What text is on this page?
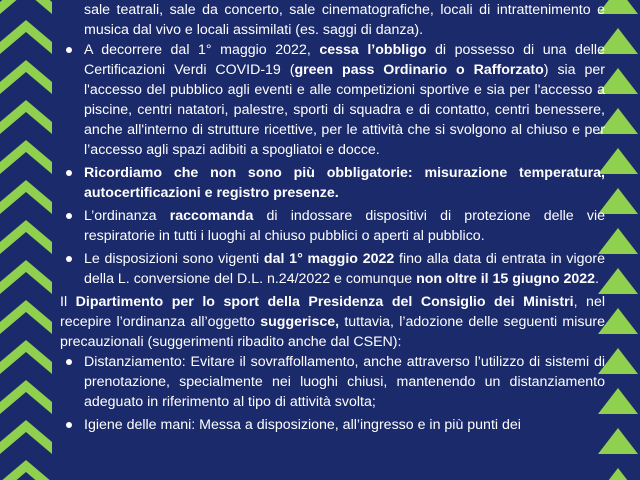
sale teatrali, sale da concerto, sale cinematografiche, locali di intrattenimento e musica dal vivo e locali assimilati (es. saggi di danza).

A decorrere dal 1° maggio 2022, cessa l’obbligo di possesso di una delle Certificazioni Verdi COVID-19 (green pass Ordinario o Rafforzato) sia per l'accesso del pubblico agli eventi e alle competizioni sportive e sia per l'accesso a piscine, centri natatori, palestre, sporti di squadra e di contatto, centri benessere, anche all'interno di strutture ricettive, per le attività che si svolgono al chiuso e per l’accesso agli spazi adibiti a spogliatoi e docce.
Ricordiamo che non sono più obbligatorie: misurazione temperatura, autocertificazioni e registro presenze.
L’ordinanza raccomanda di indossare dispositivi di protezione delle vie respiratorie in tutti i luoghi al chiuso pubblici o aperti al pubblico.
Le disposizioni sono vigenti dal 1° maggio 2022 fino alla data di entrata in vigore della L. conversione del D.L. n.24/2022 e comunque non oltre il 15 giugno 2022.

Il Dipartimento per lo sport della Presidenza del Consiglio dei Ministri, nel recepire l’ordinanza all’oggetto suggerisce, tuttavia, l’adozione delle seguenti misure precauzionali (suggerimenti ribadito anche dal CSEN):

Distanziamento: Evitare il sovraffollamento, anche attraverso l’utilizzo di sistemi di prenotazione, specialmente nei luoghi chiusi, mantenendo un distanziamento adeguato in riferimento al tipo di attività svolta;
Igiene delle mani: Messa a disposizione, all’ingresso e in più punti dei
